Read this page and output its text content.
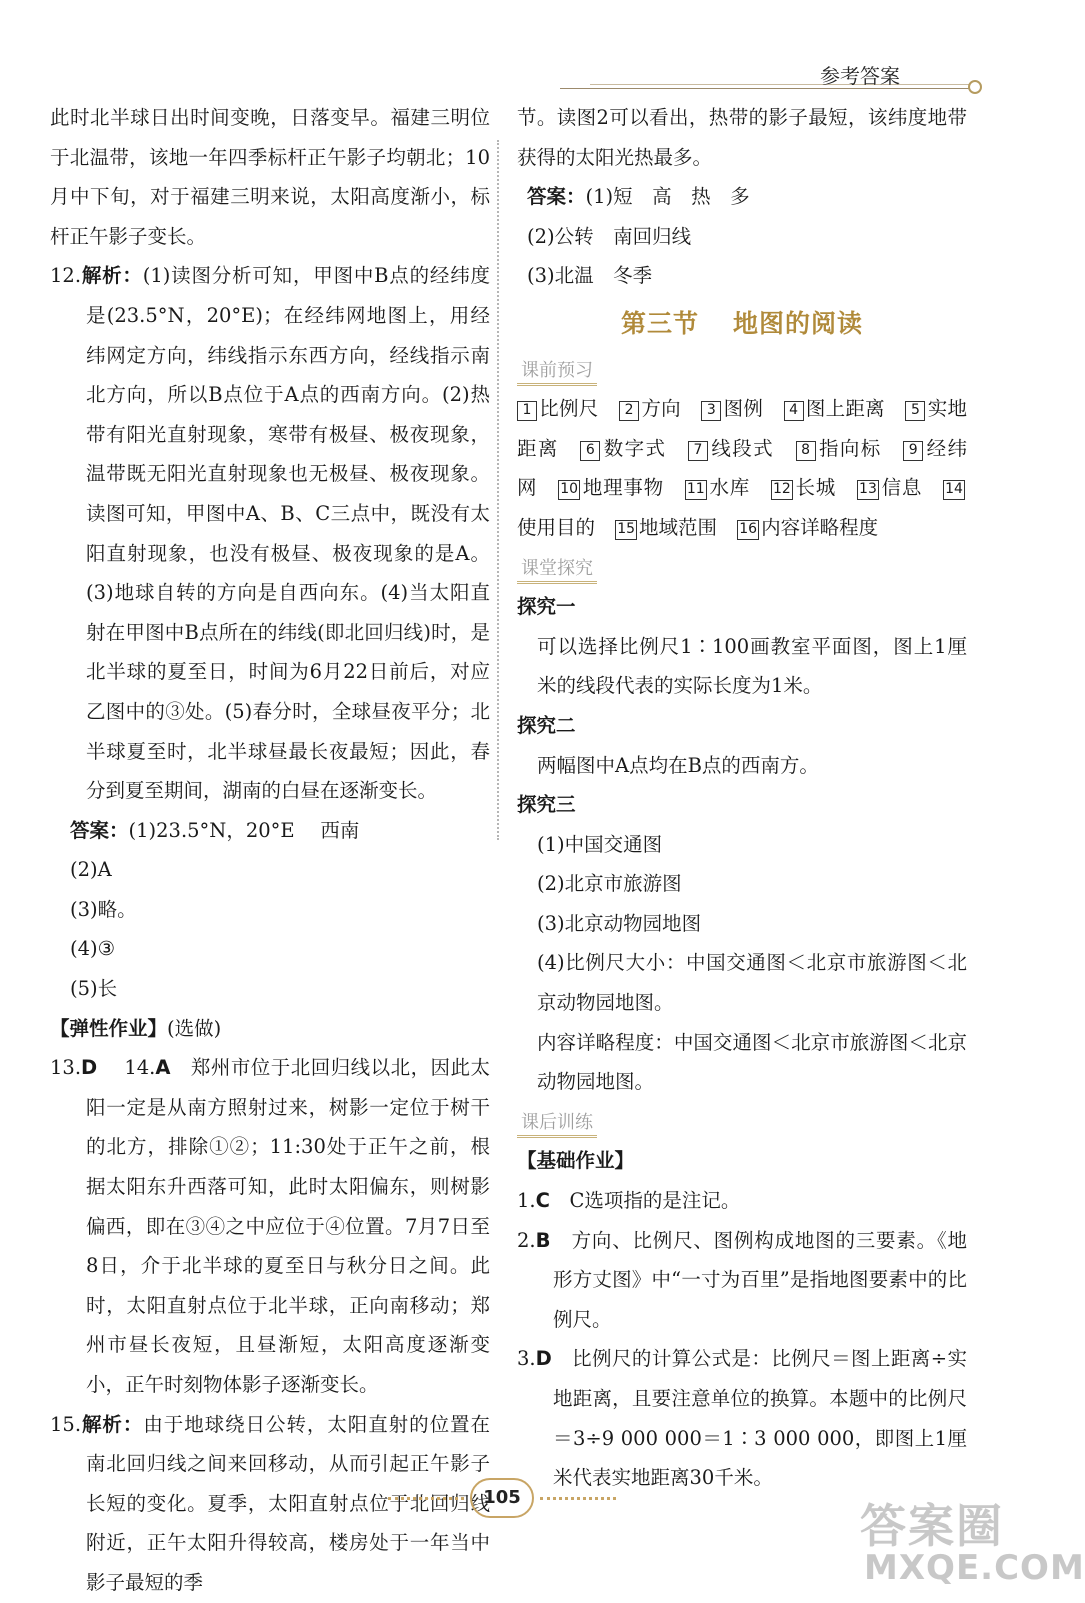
参考答案
此时北半球日出时间变晚，日落变早。福建三明位于北温带，该地一年四季标杆正午影子均朝北；10月中下旬，对于福建三明来说，太阳高度渐小，标杆正午影子变长。
12.解析：(1)读图分析可知，甲图中B点的经纬度是(23.5°N，20°E)；在经纬网地图上，用经纬网定方向，纬线指示东西方向，经线指示南北方向，所以B点位于A点的西南方向。(2)热带有阳光直射现象，寒带有极昼、极夜现象，温带既无阳光直射现象也无极昼、极夜现象。读图可知，甲图中A、B、C三点中，既没有太阳直射现象，也没有极昼、极夜现象的是A。(3)地球自转的方向是自西向东。(4)当太阳直射在甲图中B点所在的纬线(即北回归线)时，是北半球的夏至日，时间为6月22日前后，对应乙图中的③处。(5)春分时，全球昼夜平分；北半球夏至时，北半球昼最长夜最短；因此，春分到夏至期间，湖南的白昼在逐渐变长。
答案：(1)23.5°N，20°E　 西南
(2)A
(3)略。
(4)③
(5)长
【弹性作业】(选做)
13.D　 14.A　 郑州市位于北回归线以北，因此太阳一定是从南方照射过来，树影一定位于树干的北方，排除①②；11:30处于正午之前，根据太阳东升西落可知，此时太阳偏东，则树影偏西，即在③④之中应位于④位置。7月7日至8日，介于北半球的夏至日与秋分日之间。此时，太阳直射点位于北半球，正向南移动；郑州市昼长夜短，且昼渐短，太阳高度逐渐变小，正午时刻物体影子逐渐变长。
15.解析：由于地球绕日公转，太阳直射的位置在南北回归线之间来回移动，从而引起正午影子长短的变化。夏季，太阳直射点位于北回归线附近，正午太阳升得较高，楼房处于一年当中影子最短的季
节。读图2可以看出，热带的影子最短，该纬度地带获得的太阳光热最多。
答案：(1)短　高　热　多
(2)公转　南回归线
(3)北温　冬季
第三节 地图的阅读
课前预习
1 比例尺 2 方向 3 图例 4 图上距离 5 实地距离 6 数字式 7 线段式 8 指向标 9 经纬网 10 地理事物 11 水库 12 长城 13 信息 14使用目的 15 地域范围 16 内容详略程度
课堂探究
探究一
可以选择比例尺1∶100画教室平面图，图上1厘米的线段代表的实际长度为1米。
探究二
两幅图中A点均在B点的西南方。
探究三
(1)中国交通图
(2)北京市旅游图
(3)北京动物园地图
(4)比例尺大小：中国交通图＜北京市旅游图＜北京动物园地图。
内容详略程度：中国交通图＜北京市旅游图＜北京动物园地图。
课后训练
【基础作业】
1.C　 C选项指的是注记。
2.B　 方向、比例尺、图例构成地图的三要素。《地形方丈图》中“一寸为百里”是指地图要素中的比例尺。
3.D　 比例尺的计算公式是：比例尺＝图上距离÷实地距离，且要注意单位的换算。本题中的比例尺＝3÷9 000 000＝1∶3 000 000，即图上1厘米代表实地距离30千米。
105
答案圈
MXQE.COM
